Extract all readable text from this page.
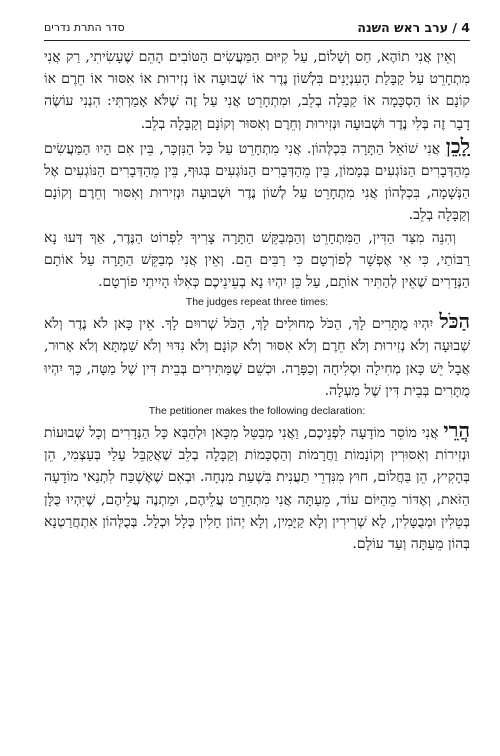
4 / ערב ראש השנה
סדר התרת נדרים

וְאֵין אֲנִי תוֹהֶא, חַס וְשָׁלוֹם, עַל קִיּוּם הַמַּעֲשִׂים הַטּוֹבִים הָהֵם שֶׁעָשִׂיתִי, רַק אֲנִי מִתְחָרֵט עַל קַבָּלַת הָעִנְיָנִים בִּלְשׁוֹן נֶדֶר אוֹ שְׁבוּעָה אוֹ נְזִירוּת אוֹ אִסּוּר אוֹ חֵרֶם אוֹ קוֹנָם אוֹ הַסְכָּמָה אוֹ קַבָּלָה בְלֵב, וּמִתְחָרֵט אֲנִי עַל זֶה שֶׁלֹּא אָמַרְתִּי: הִנְנִי עוֹשֶׂה דָבָר זֶה בְּלִי נֶדֶר וּשְׁבוּעָה וּנְזִירוּת וְחֵרֶם וְאִסּוּר וְקוֹנָם וְקַבָּלָה בְלֵב.

לָכֵן אֲנִי שׁוֹאֵל הַתָּרָה בִּכְלְּהוֹן. אֲנִי מִתְחָרֵט עַל כָּל הַנִּזְכָּר, בֵּין אִם הָיוּ הַמַּעֲשִׂים מֵהַדְּבָרִים הַנּוֹגְעִים בְּמָמוֹן, בֵּין מֵהַדְּבָרִים הַנּוֹגְעִים בְּגוּף, בֵּין מֵהַדְּבָרִים הַנּוֹגְעִים אֶל הַנְּשָׁמָה, בִּכְלְּהוֹן אֲנִי מִתְחָרֵט עַל לְשׁוֹן נֶדֶר וּשְׁבוּעָה וּנְזִירוּת וְאִסּוּר וְחֵרֶם וְקוֹנָם וְקַבָּלָה בְלֵב.

וְהִנֵּה מִצַּד הַדִּין, הַמִּתְחָרֵט וְהַמְּבַקֵּשׁ הַתָּרָה צָרִיךְ לִפְרוֹט הַנֶּדֶר, אַךְ דְּעוּ נָא רַבּוֹתַי, כִּי אִי אֶפְשָׁר לְפוֹרְטָם כִּי רַבִּים הֵם. וְאֵין אֲנִי מְבַקֵּשׁ הַתָּרָה עַל אוֹתָם הַנְּדָרִים שֶׁאֵין לְהַתִּיר אוֹתָם, עַל כֵּן יִהְיוּ נָא בְעֵינֵיכֶם כְּאִלּוּ הָיִיתִי פוֹרְטָם.

The judges repeat three times:

הַכֹּל יִהְיוּ מֻתָּרִים לָךְ, הַכֹּל מְחוּלִים לָךְ, הַכֹּל שְׁרוּיִם לָךְ. אֵין כָּאן לֹא נֶדֶר וְלֹא שְׁבוּעָה וְלֹא נְזִירוּת וְלֹא חֵרֶם וְלֹא אִסּוּר וְלֹא קוֹנָם וְלֹא נִדּוּי וְלֹא שַׁמְתָּא וְלֹא אָרוּר, אֲבָל יֵשׁ כָּאן מְחִילָה וּסְלִיחָה וְכַפָּרָה. וּכְשֵׁם שֶׁמַּתִּירִים בְּבֵית דִּין שֶׁל מַטָּה, כָּךְ יִהְיוּ מֻתָּרִים בְּבֵית דִּין שֶׁל מַעְלָה.

The petitioner makes the following declaration:

הֲרֵי אֲנִי מוֹסֵר מוֹדָעָה לִפְנֵיכֶם, וַאֲנִי מְבַטֵּל מִכָּאן וּלְהַבָּא כָּל הַנְּדָרִים וְכָל שְׁבוּעוֹת וּנְזִירוֹת וְאִסּוּרִין וְקוֹנָמוֹת וַחֲרָמוֹת וְהַסְכָּמוֹת וְקַבָּלָה בְלֵב שֶׁאֲקַבֵּל עָלַי בְּעַצְמִי, הֵן בְּהָקִיץ, הֵן בַּחֲלוֹם, חוּץ מִנִּדְרֵי תַעֲנִית בִּשְׁעַת מִנְחָה. וּבְאִם שֶׁאֶשְׁכַּח לִתְנַאי מוֹדָעָה הַזֹּאת, וְאֶדּוֹר מֵהַיּוֹם עוֹד, מֵעַתָּה אֲנִי מִתְחָרֵט עֲלֵיהֶם, וּמַתְנֶה עֲלֵיהֶם, שֶׁיִּהְיוּ כֻּלָּן בְּטֵלִין וּמְבֻטָּלִין, לָא שְׁרִירִין וְלָא קַיָּמִין, וְלָא יְהוֹן חָלִין כְּלָל וּכְלָל. בְּכֻלְּהוֹן אִתְחֲרַטְנָא בְּהוֹן מֵעַתָּה וְעַד עוֹלָם.
